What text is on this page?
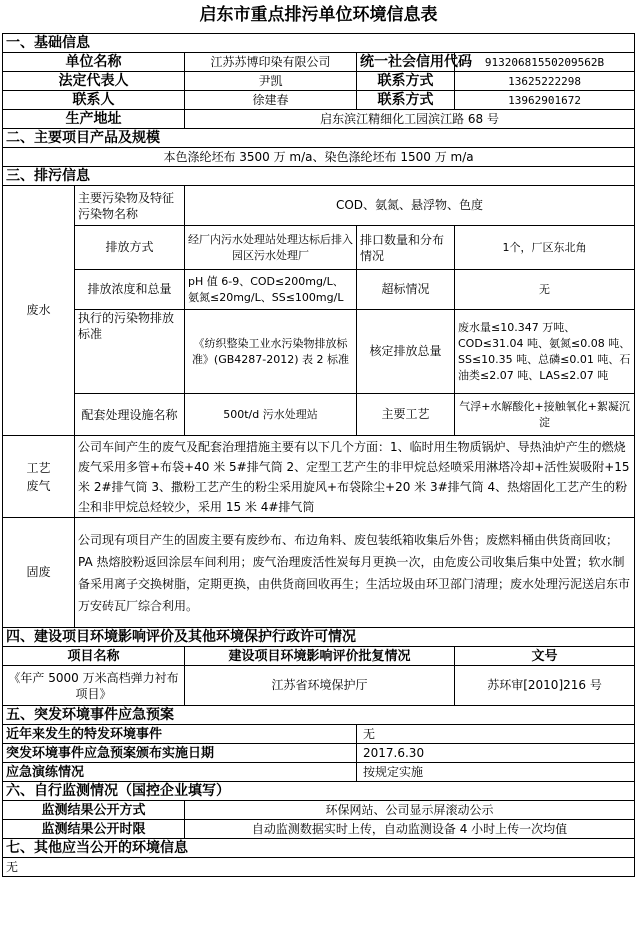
启东市重点排污单位环境信息表
一、基础信息				
单位名称		江苏苏博印染有限公司	统一社会信用代码	91320681550209562B
法定代表人		尹凯	联系方式	13625222298
联系人		徐建春	联系方式	13962901672
生产地址		启东滨江精细化工园滨江路 68 号		
二、主要项目产品及规模				
本色涤纶坯布 3500 万 m/a、染色涤纶坯布 1500 万 m/a				
三、排污信息				
废水	主要污染物及特征污染物名称	COD、氨氮、悬浮物、色度		
	排放方式	经厂内污水处理站处理达标后排入园区污水处理厂	排口数量和分布情况	1个，厂区东北角
	排放浓度和总量	pH 值 6-9、COD≤200mg/L、氨氮≤20mg/L、SS≤100mg/L	超标情况	无
	执行的污染物排放标准	《纺织整染工业水污染物排放标准》(GB4287-2012) 表 2 标准	核定排放总量	废水量≤10.347 万吨、COD≤31.04 吨、氨氮≤0.08 吨、SS≤10.35 吨、总磷≤0.01 吨、石油类≤2.07 吨、LAS≤2.07 吨
	配套处理设施名称	500t/d 污水处理站	主要工艺	气浮+水解酸化+接触氧化+絮凝沉淀

工艺
废气	公司车间产生的废气及配套治理措施主要有以下几个方面：1、临时用生物质锅炉、导热油炉产生的燃烧废气采用多管+布袋+40 米 5#排气筒 2、定型工艺产生的非甲烷总烃喷采用淋塔冷却+活性炭吸附+15 米 2#排气筒 3、撒粉工艺产生的粉尘采用旋风+布袋除尘+20 米 3#排气筒 4、热熔固化工艺产生的粉尘和非甲烷总烃较少，采用 15 米 4#排气筒			
固废	公司现有项目产生的固废主要有废纱布、布边角料、废包装纸箱收集后外售；废燃料桶由供货商回收；PA 热熔胶粉返回涂层车间利用；废气治理废活性炭每月更换一次，由危废公司收集后集中处置；软水制备采用离子交换树脂，定期更换，由供货商回收再生；生活垃圾由环卫部门清理；废水处理污泥送启东市万安砖瓦厂综合利用。			
四、建设项目环境影响评价及其他环境保护行政许可情况				
项目名称		建设项目环境影响评价批复情况		文号
《年产 5000 万米高档弹力衬布项目》		江苏省环境保护厅		苏环审[2010]216 号
五、突发环境事件应急预案				
近年来发生的特发环境事件			无	
突发环境事件应急预案颁布实施日期			2017.6.30	
应急演练情况			按规定实施	
六、自行监测情况（国控企业填写）				
监测结果公开方式		环保网站、公司显示屏滚动公示		
监测结果公开时限		自动监测数据实时上传，自动监测设备 4 小时上传一次均值		
七、其他应当公开的环境信息				
无				
